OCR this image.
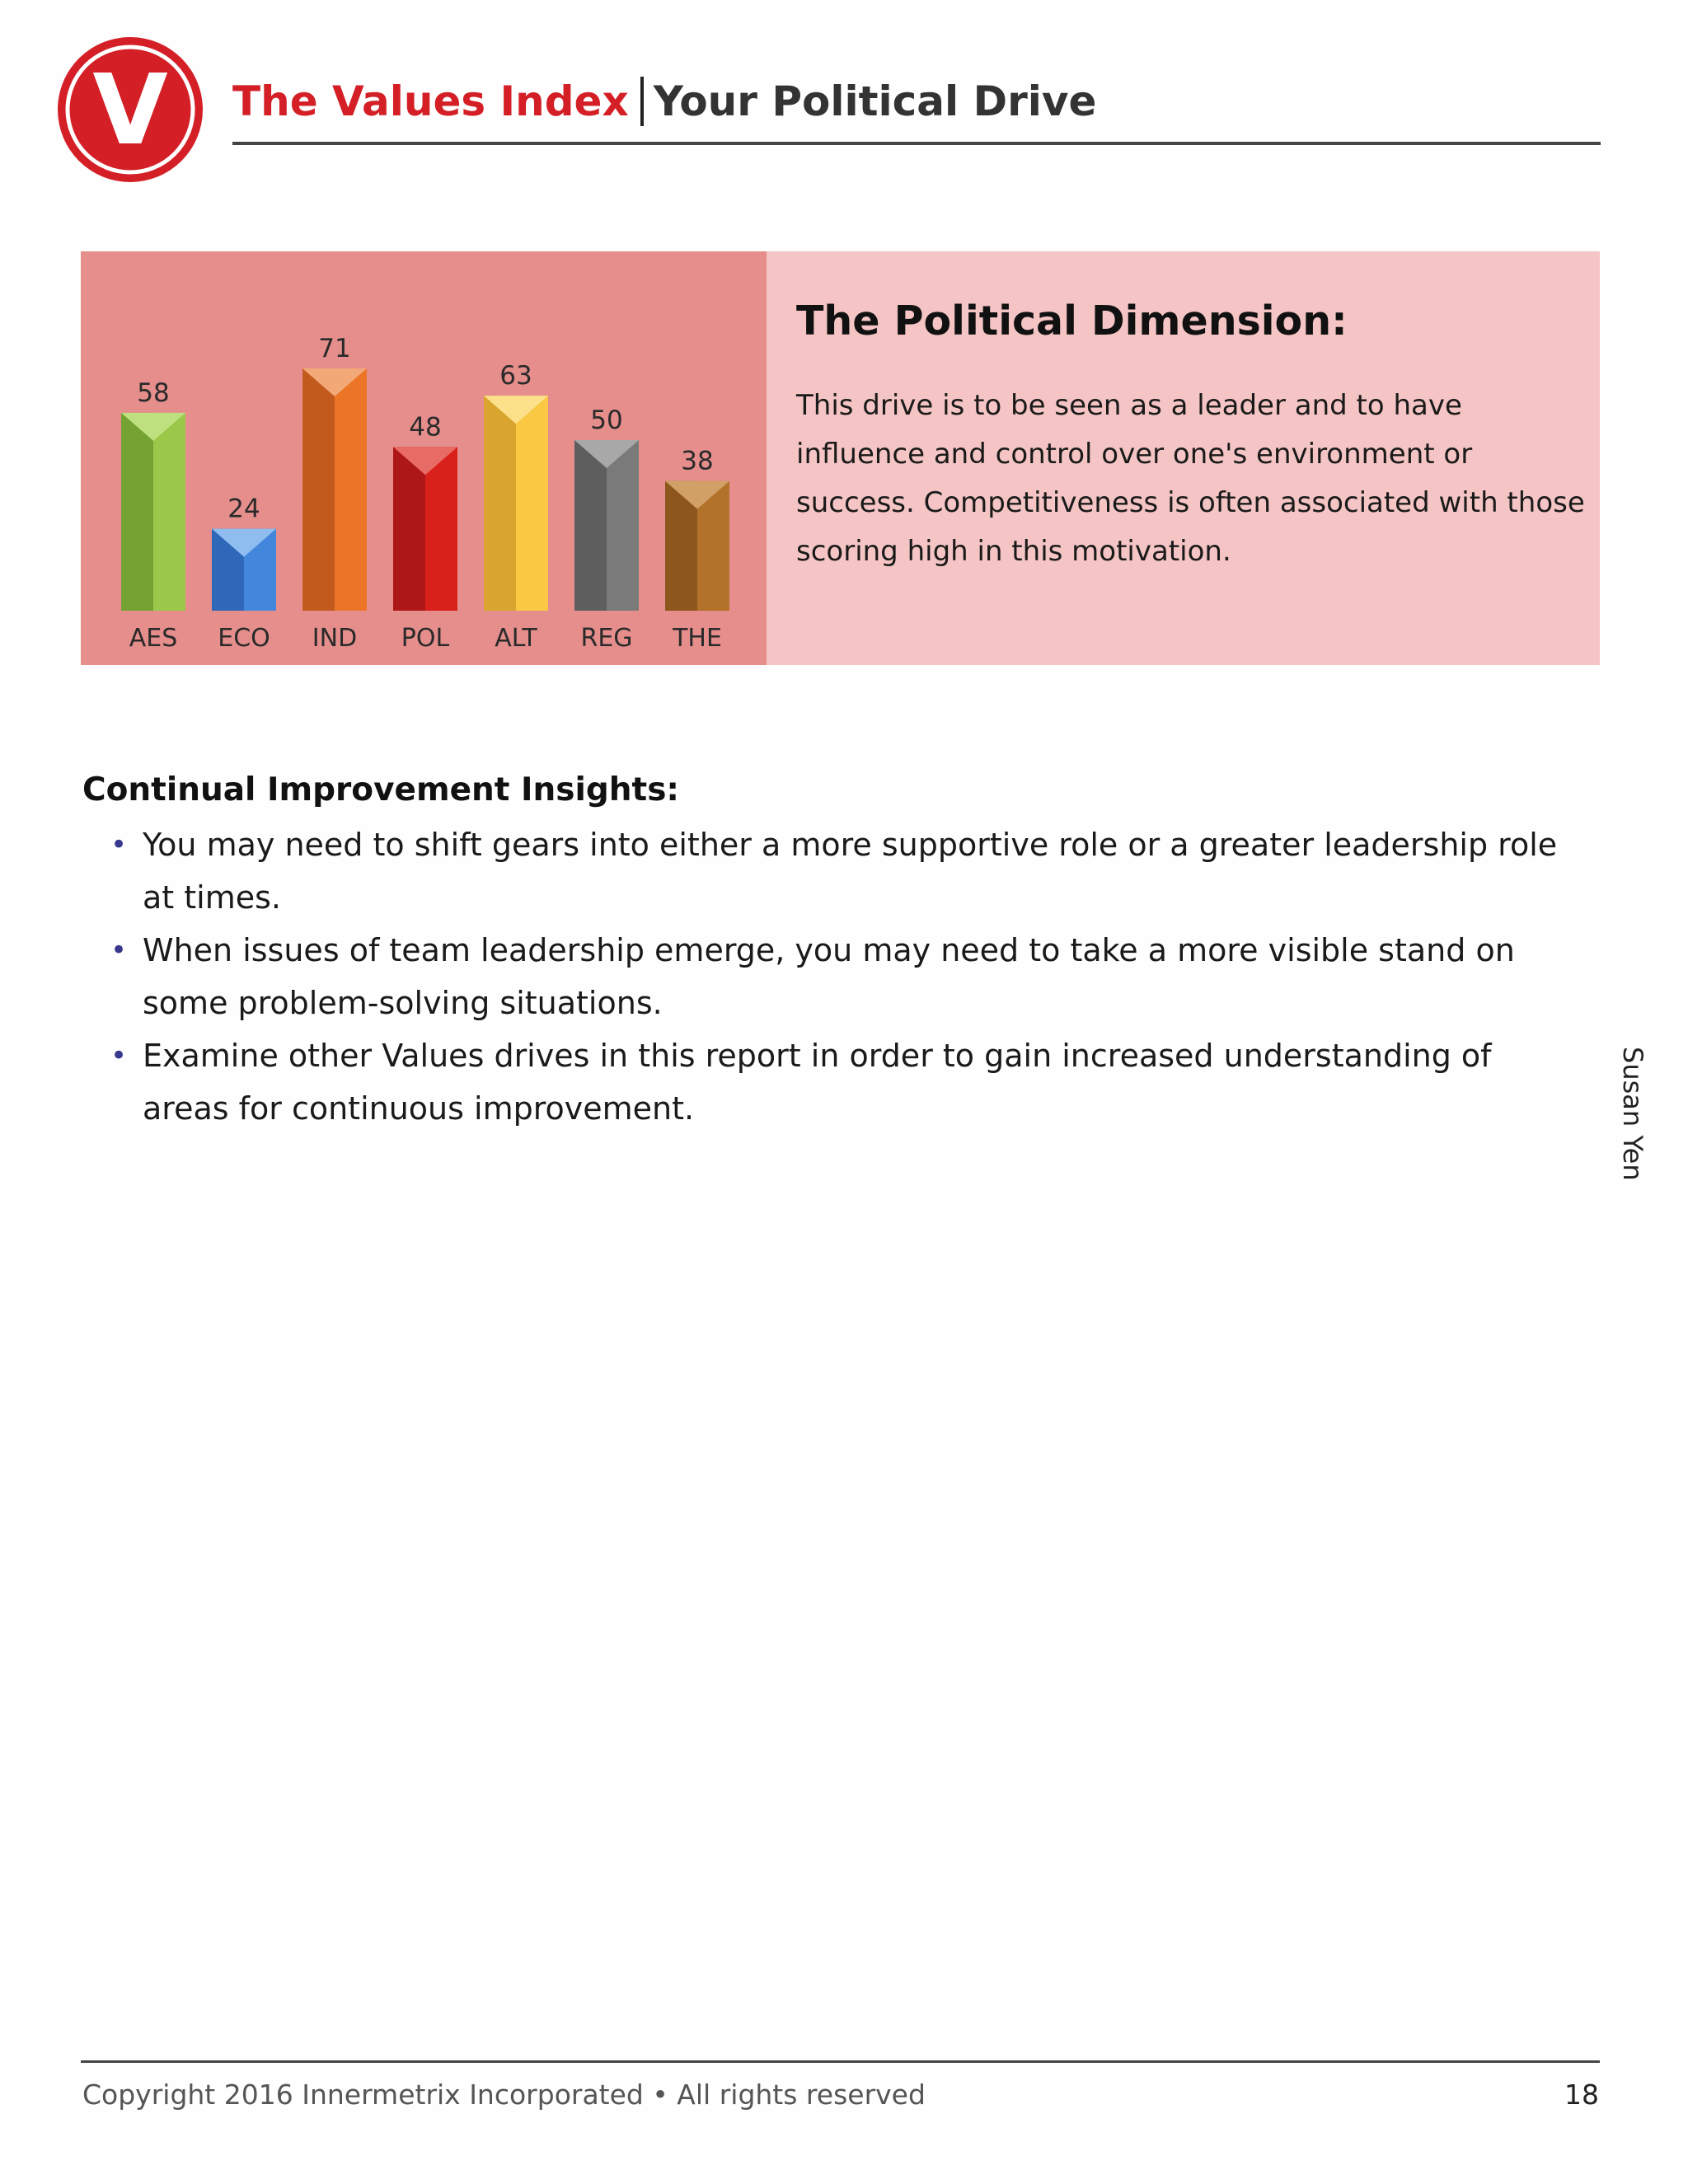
V The Values Index Your Political Drive
58
AES
24
ECO
71
IND
48
POL
63
ALT
50
REG
38
THE
The Political Dimension:

This drive is to be seen as a leader and to have influence and control over one's environment or success. Competitiveness is often associated with those scoring high in this motivation.

Continual Improvement Insights:
• You may need to shift gears into either a more supportive role or a greater leadership role at times.
• When issues of team leadership emerge, you may need to take a more visible stand on some problem-solving situations.
• Examine other Values drives in this report in order to gain increased understanding of areas for continuous improvement.	Susan Yen
Copyright 2016 Innermetrix Incorporated • All rights reserved	18
